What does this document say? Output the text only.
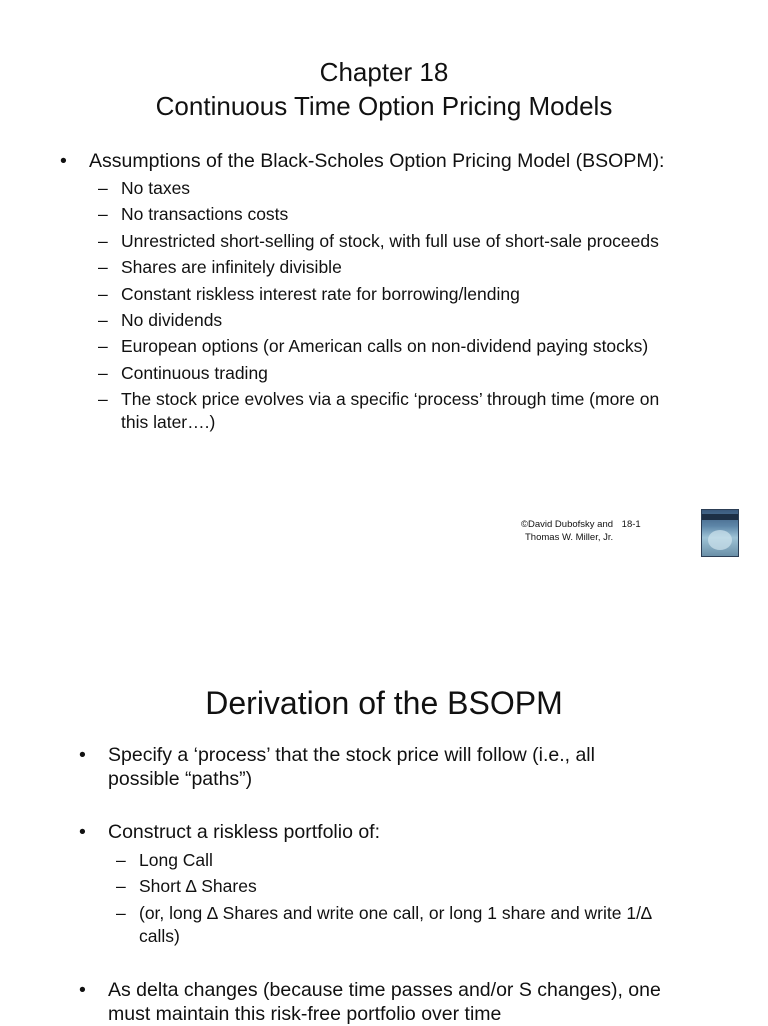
Chapter 18
Continuous Time Option Pricing Models
• Assumptions of the Black-Scholes Option Pricing Model (BSOPM):
– No taxes
– No transactions costs
– Unrestricted short-selling of stock, with full use of short-sale proceeds
– Shares are infinitely divisible
– Constant riskless interest rate for borrowing/lending
– No dividends
– European options (or American calls on non-dividend paying stocks)
– Continuous trading
– The stock price evolves via a specific ‘process’ through time (more on
this later….)
©David Dubofsky and 18-1
Thomas W. Miller, Jr.
Derivation of the BSOPM
• Specify a ‘process’ that the stock price will follow (i.e., all
possible “paths”)
• Construct a riskless portfolio of:
– Long Call
– Short ∆ Shares
– (or, long ∆ Shares and write one call, or long 1 share and write 1/∆
calls)
• As delta changes (because time passes and/or S changes), one
must maintain this risk-free portfolio over time
